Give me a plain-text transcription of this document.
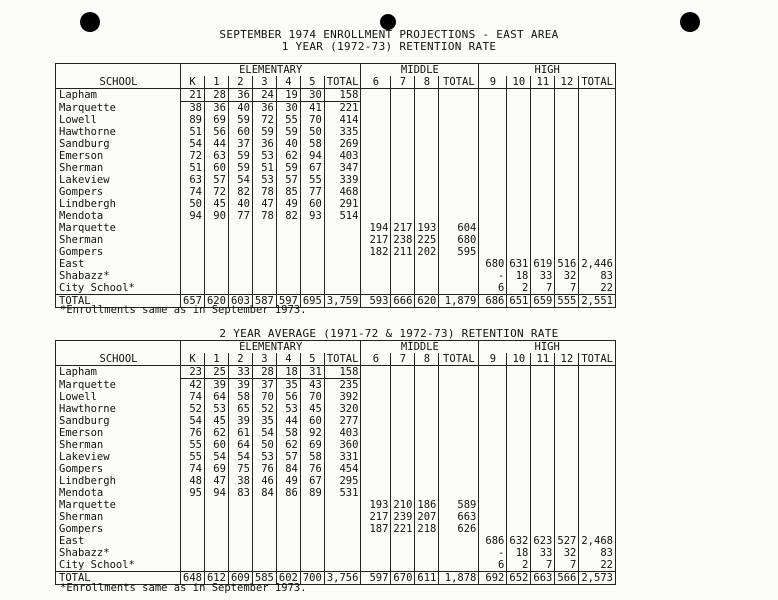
SEPTEMBER 1974 ENROLLMENT PROJECTIONS - EAST AREA
1 YEAR (1972-73) RETENTION RATE
	ELEMENTARY							MIDDLE				HIGH				
SCHOOL	K	1	2	3	4	5	TOTAL	6	7	8	TOTAL	9	10	11	12	TOTAL
Lapham	21	28	36	24	19	30	158									
Marquette	38	36	40	36	30	41	221									
Lowell	89	69	59	72	55	70	414									
Hawthorne	51	56	60	59	59	50	335									
Sandburg	54	44	37	36	40	58	269									
Emerson	72	63	59	53	62	94	403									
Sherman	51	60	59	51	59	67	347									
Lakeview	63	57	54	53	57	55	339									
Gompers	74	72	82	78	85	77	468									
Lindbergh	50	45	40	47	49	60	291									
Mendota	94	90	77	78	82	93	514									
Marquette								194	217	193	604					
Sherman								217	238	225	680					
Gompers								182	211	202	595					
East												680	631	619	516	2,446
Shabazz*												-	18	33	32	83
City School*												6	2	7	7	22
TOTAL	657	620	603	587	597	695	3,759	593	666	620	1,879	686	651	659	555	2,551
*Enrollments same as in September 1973.
2 YEAR AVERAGE (1971-72 & 1972-73) RETENTION RATE
	ELEMENTARY							MIDDLE				HIGH				
SCHOOL	K	1	2	3	4	5	TOTAL	6	7	8	TOTAL	9	10	11	12	TOTAL
Lapham	23	25	33	28	18	31	158									
Marquette	42	39	39	37	35	43	235									
Lowell	74	64	58	70	56	70	392									
Hawthorne	52	53	65	52	53	45	320									
Sandburg	54	45	39	35	44	60	277									
Emerson	76	62	61	54	58	92	403									
Sherman	55	60	64	50	62	69	360									
Lakeview	55	54	54	53	57	58	331									
Gompers	74	69	75	76	84	76	454									
Lindbergh	48	47	38	46	49	67	295									
Mendota	95	94	83	84	86	89	531									
Marquette								193	210	186	589					
Sherman								217	239	207	663					
Gompers								187	221	218	626					
East												686	632	623	527	2,468
Shabazz*												-	18	33	32	83
City School*												6	2	7	7	22
TOTAL	648	612	609	585	602	700	3,756	597	670	611	1,878	692	652	663	566	2,573
*Enrollments same as in September 1973.
